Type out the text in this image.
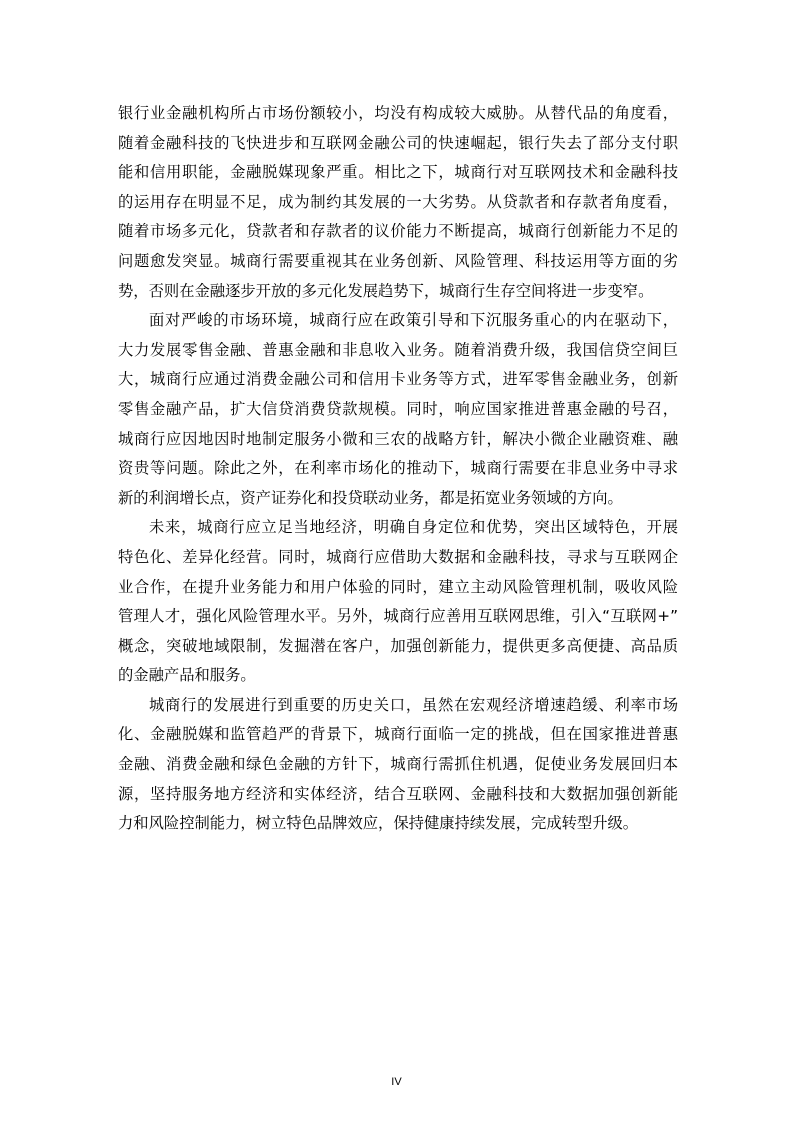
银行业金融机构所占市场份额较小，均没有构成较大威胁。从替代品的角度看，
随着金融科技的飞快进步和互联网金融公司的快速崛起，银行失去了部分支付职
能和信用职能，金融脱媒现象严重。相比之下，城商行对互联网技术和金融科技
的运用存在明显不足，成为制约其发展的一大劣势。从贷款者和存款者角度看，
随着市场多元化，贷款者和存款者的议价能力不断提高，城商行创新能力不足的
问题愈发突显。城商行需要重视其在业务创新、风险管理、科技运用等方面的劣
势，否则在金融逐步开放的多元化发展趋势下，城商行生存空间将进一步变窄。
面对严峻的市场环境，城商行应在政策引导和下沉服务重心的内在驱动下，
大力发展零售金融、普惠金融和非息收入业务。随着消费升级，我国信贷空间巨
大，城商行应通过消费金融公司和信用卡业务等方式，进军零售金融业务，创新
零售金融产品，扩大信贷消费贷款规模。同时，响应国家推进普惠金融的号召，
城商行应因地因时地制定服务小微和三农的战略方针，解决小微企业融资难、融
资贵等问题。除此之外，在利率市场化的推动下，城商行需要在非息业务中寻求
新的利润增长点，资产证券化和投贷联动业务，都是拓宽业务领域的方向。
未来，城商行应立足当地经济，明确自身定位和优势，突出区域特色，开展
特色化、差异化经营。同时，城商行应借助大数据和金融科技，寻求与互联网企
业合作，在提升业务能力和用户体验的同时，建立主动风险管理机制，吸收风险
管理人才，强化风险管理水平。另外，城商行应善用互联网思维，引入“互联网+”
概念，突破地域限制，发掘潜在客户，加强创新能力，提供更多高便捷、高品质
的金融产品和服务。
城商行的发展进行到重要的历史关口，虽然在宏观经济增速趋缓、利率市场
化、金融脱媒和监管趋严的背景下，城商行面临一定的挑战，但在国家推进普惠
金融、消费金融和绿色金融的方针下，城商行需抓住机遇，促使业务发展回归本
源，坚持服务地方经济和实体经济，结合互联网、金融科技和大数据加强创新能
力和风险控制能力，树立特色品牌效应，保持健康持续发展，完成转型升级。
IV
